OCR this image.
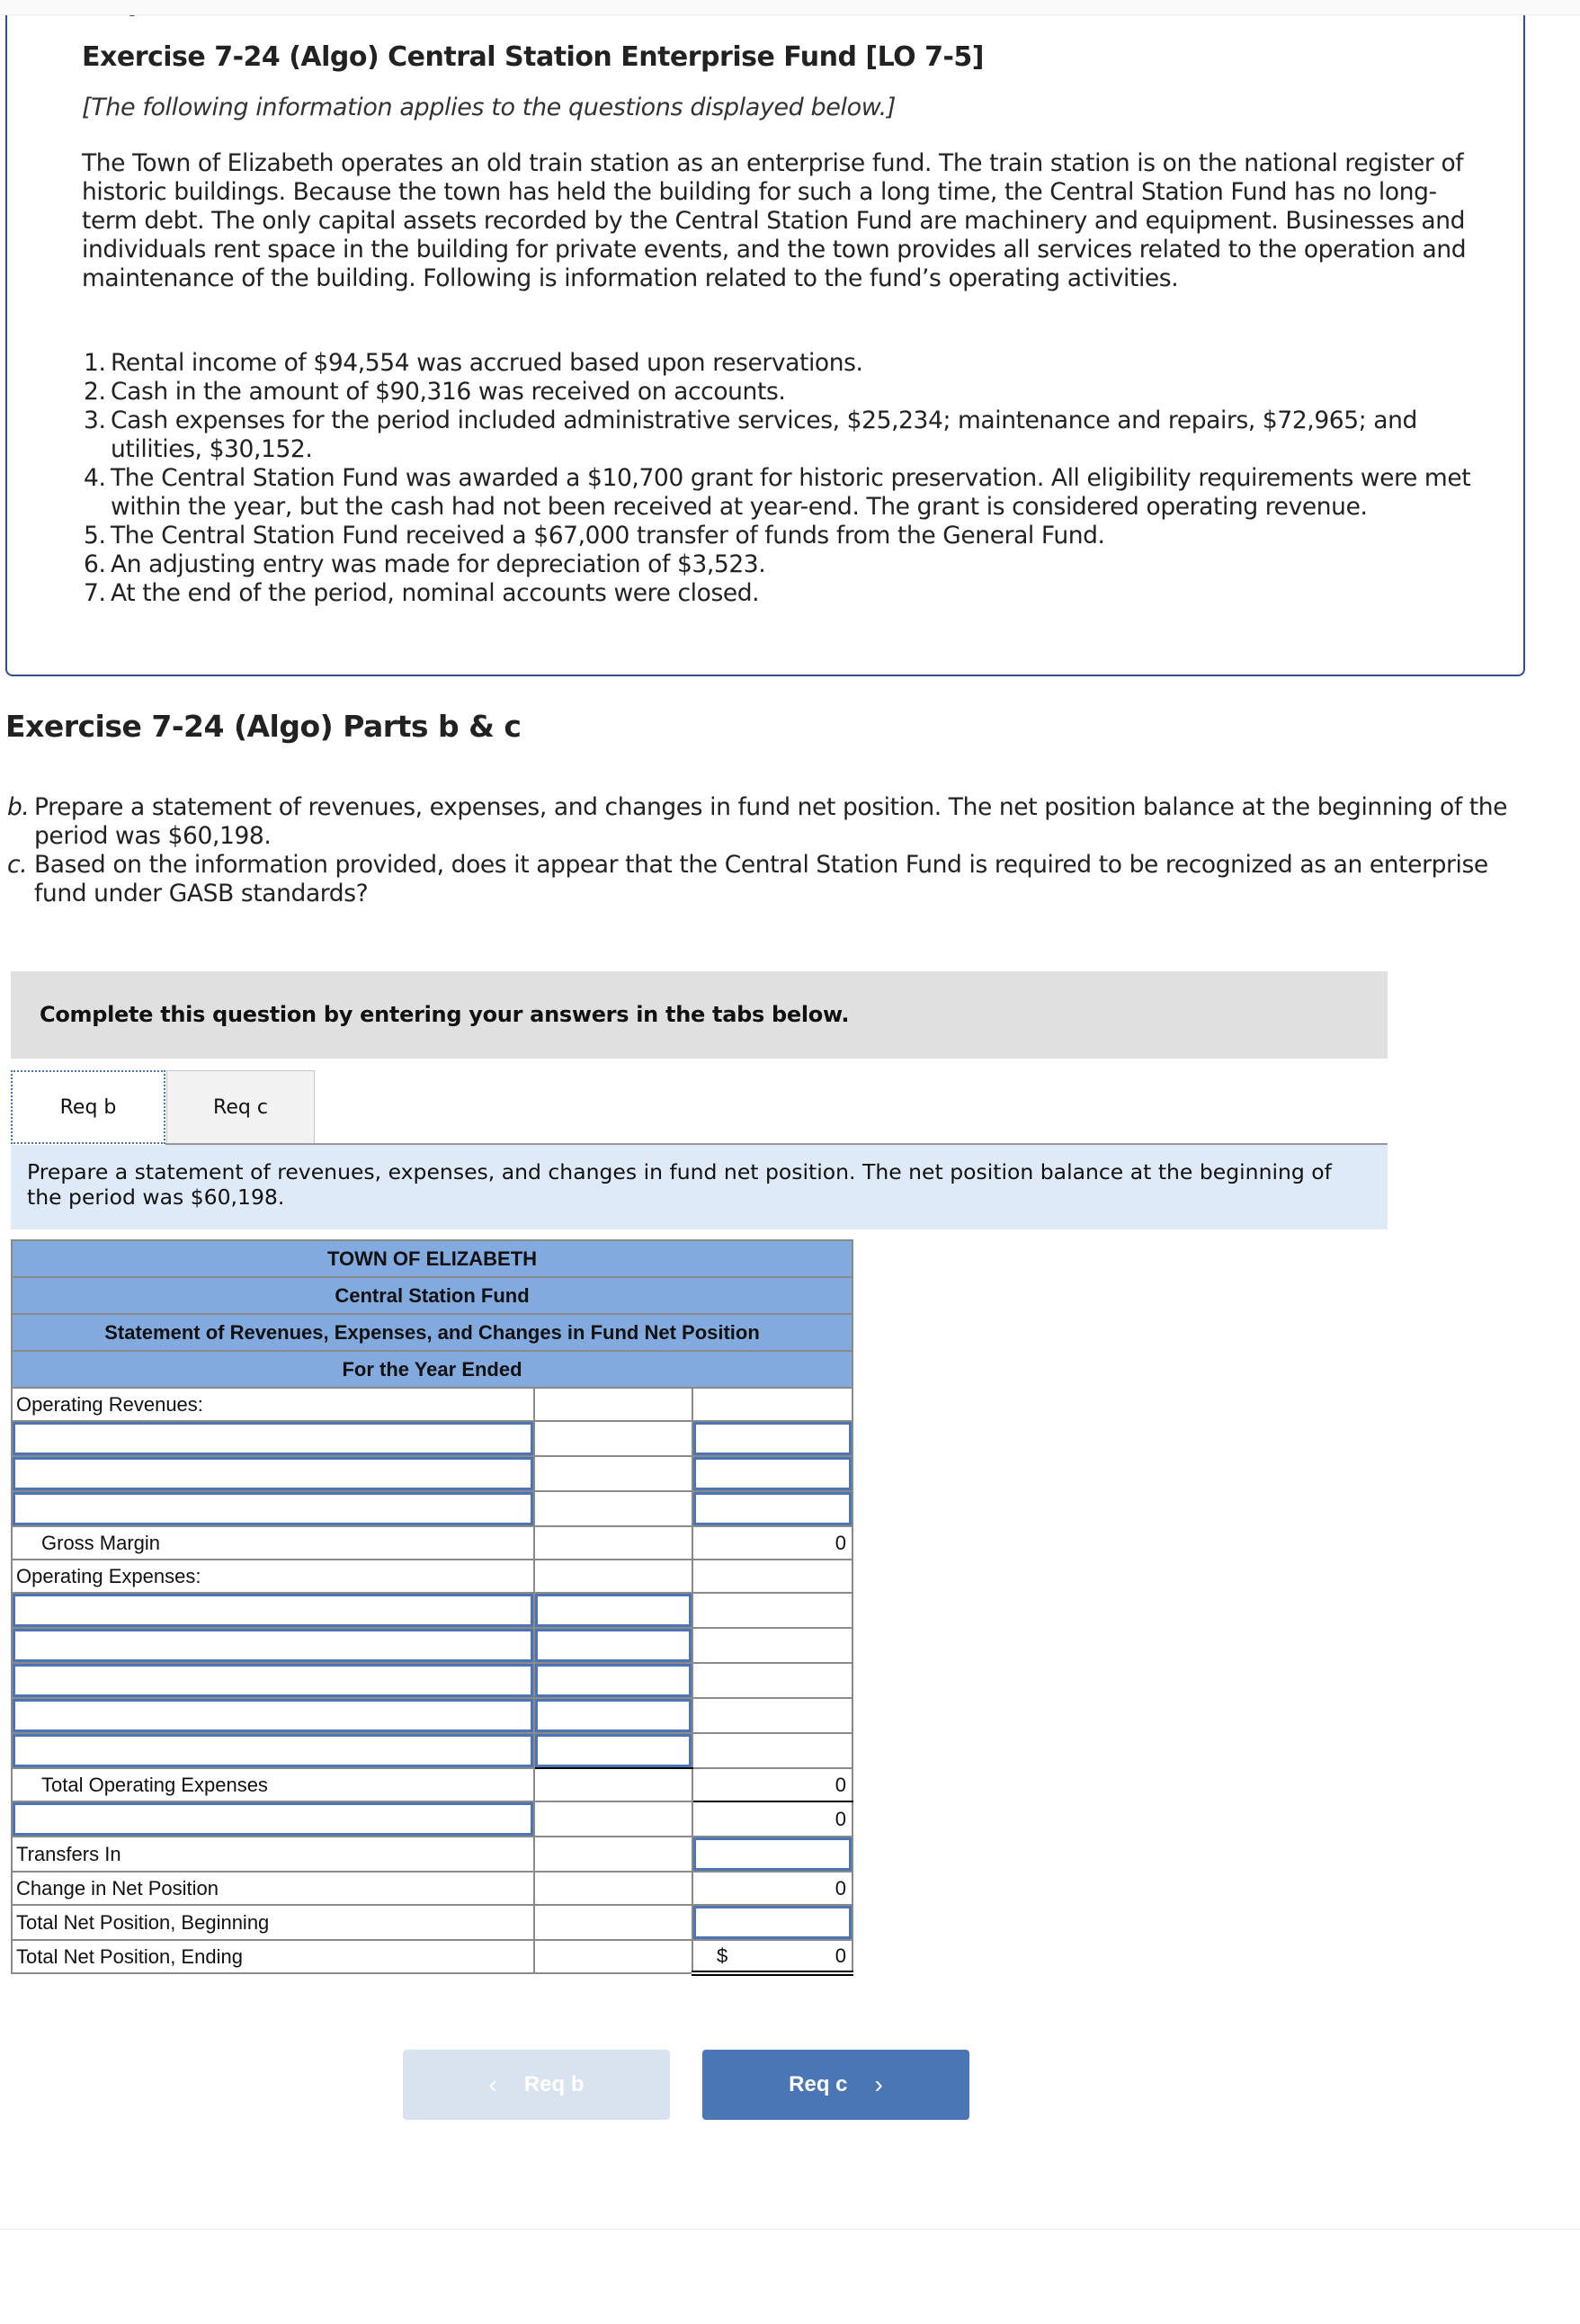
Exercise 7-24 (Algo) Central Station Enterprise Fund [LO 7-5]
[The following information applies to the questions displayed below.]
The Town of Elizabeth operates an old train station as an enterprise fund. The train station is on the national register of historic buildings. Because the town has held the building for such a long time, the Central Station Fund has no long-term debt. The only capital assets recorded by the Central Station Fund are machinery and equipment. Businesses and individuals rent space in the building for private events, and the town provides all services related to the operation and maintenance of the building. Following is information related to the fund’s operating activities.
1. Rental income of $94,554 was accrued based upon reservations.
2. Cash in the amount of $90,316 was received on accounts.
3. Cash expenses for the period included administrative services, $25,234; maintenance and repairs, $72,965; and utilities, $30,152.
4. The Central Station Fund was awarded a $10,700 grant for historic preservation. All eligibility requirements were met within the year, but the cash had not been received at year-end. The grant is considered operating revenue.
5. The Central Station Fund received a $67,000 transfer of funds from the General Fund.
6. An adjusting entry was made for depreciation of $3,523.
7. At the end of the period, nominal accounts were closed.
Exercise 7-24 (Algo) Parts b & c
b. Prepare a statement of revenues, expenses, and changes in fund net position. The net position balance at the beginning of the period was $60,198.
c. Based on the information provided, does it appear that the Central Station Fund is required to be recognized as an enterprise fund under GASB standards?
Complete this question by entering your answers in the tabs below.
Req b	Req c
Prepare a statement of revenues, expenses, and changes in fund net position. The net position balance at the beginning of the period was $60,198.
TOWN OF ELIZABETH		
Central Station Fund		
Statement of Revenues, Expenses, and Changes in Fund Net Position		
For the Year Ended		
Operating Revenues:		

Gross Margin		0
Operating Expenses:		

Total Operating Expenses		0

		0
Transfers In		

Change in Net Position		0
Total Net Position, Beginning		

Total Net Position, Ending		$ 0
‹ Req b	Req c ›
